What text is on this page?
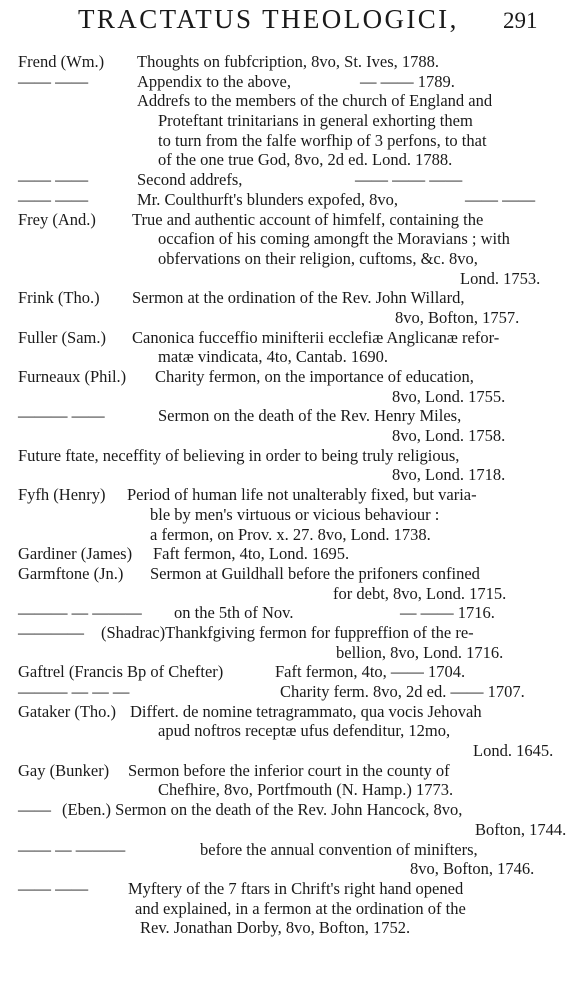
TRACTATUS THEOLOGICI, 291
Frend (Wm.) Thoughts on fubfcription, 8vo, St. Ives, 1788.
—— ——	Appendix to the above,	— —— 1789.
Addrefs to the members of the church of England and
Proteftant trinitarians in general exhorting them
to turn from the falfe worfhip of 3 perfons, to that
of the one true God, 8vo, 2d ed. Lond. 1788.
—— ——	Second addrefs,	—— —— ——
—— ——	Mr. Coulthurft's blunders expofed, 8vo,	—— ——
Frey (And.) True and authentic account of himfelf, containing the
occafion of his coming amongft the Moravians ; with
obfervations on their religion, cuftoms, &c. 8vo,
Lond. 1753.
Frink (Tho.) Sermon at the ordination of the Rev. John Willard,
8vo, Bofton, 1757.
Fuller (Sam.) Canonica fucceffio minifterii ecclefiæ Anglicanæ refor-
matæ vindicata, 4to, Cantab. 1690.
Furneaux (Phil.) Charity fermon, on the importance of education,
8vo, Lond. 1755.
——— ——	Sermon on the death of the Rev. Henry Miles,
8vo, Lond. 1758.
Future ftate, neceffity of believing in order to being truly religious,
8vo, Lond. 1718.
Fyfh (Henry) Period of human life not unalterably fixed, but varia-
ble by men's virtuous or vicious behaviour :
a fermon, on Prov. x. 27. 8vo, Lond. 1738.
Gardiner (James) Faft fermon, 4to, Lond. 1695.
Garmftone (Jn.) Sermon at Guildhall before the prifoners confined
for debt, 8vo, Lond. 1715.
——— — ——— on the 5th of Nov.	— —— 1716.
———— (Shadrac)Thankfgiving fermon for fuppreffion of the re-
bellion, 8vo, Lond. 1716.
Gaftrel (Francis Bp of Chefter)	Faft fermon, 4to, —— 1704.
——— — — —	Charity ferm. 8vo, 2d ed. —— 1707.
Gataker (Tho.) Differt. de nomine tetragrammato, qua vocis Jehovah
apud noftros receptæ ufus defenditur, 12mo,
Lond. 1645.
Gay (Bunker) Sermon before the inferior court in the county of
Chefhire, 8vo, Portfmouth (N. Hamp.) 1773.
—— (Eben.) Sermon on the death of the Rev. John Hancock, 8vo,
Bofton, 1744.
—— — ———	before the annual convention of minifters,
8vo, Bofton, 1746.
—— —— Myftery of the 7 ftars in Chrift's right hand opened
and explained, in a fermon at the ordination of the
Rev. Jonathan Dorby, 8vo, Bofton, 1752.
